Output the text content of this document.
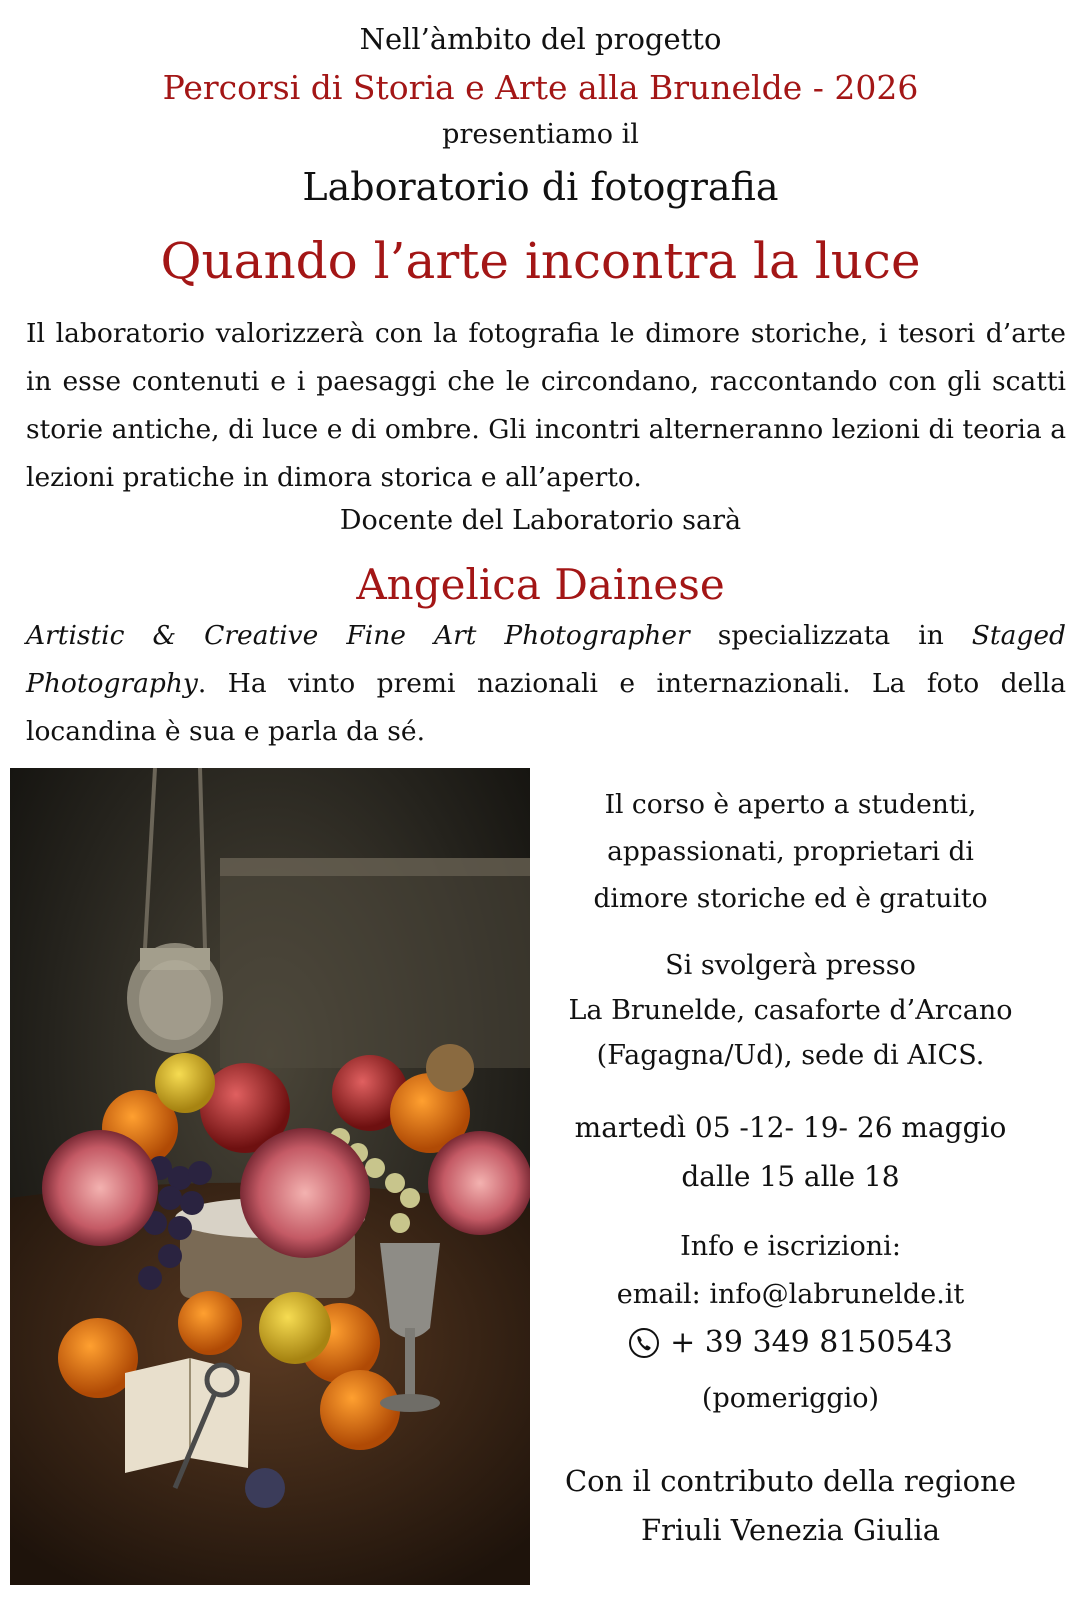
Nell’àmbito del progetto
Percorsi di Storia e Arte alla Brunelde - 2026
presentiamo il
Laboratorio di fotografia
Quando l’arte incontra la luce
Il laboratorio valorizzerà con la fotografia le dimore storiche, i tesori d’arte in esse contenuti e i paesaggi che le circondano, raccontando con gli scatti storie antiche, di luce e di ombre. Gli incontri alterneranno lezioni di teoria a lezioni pratiche in dimora storica e all’aperto.
Docente del Laboratorio sarà
Angelica Dainese
Artistic & Creative Fine Art Photographer specializzata in Staged Photography. Ha vinto premi nazionali e internazionali. La foto della locandina è sua e parla da sé.
Il corso è aperto a studenti,
appassionati, proprietari di
dimore storiche ed è gratuito
Si svolgerà presso
La Brunelde, casaforte d’Arcano
(Fagagna/Ud), sede di AICS.
martedì 05 -12- 19- 26 maggio
dalle 15 alle 18
Info e iscrizioni:
email: info@labrunelde.it
+ 39 349 8150543
(pomeriggio)
Con il contributo della regione
Friuli Venezia Giulia
